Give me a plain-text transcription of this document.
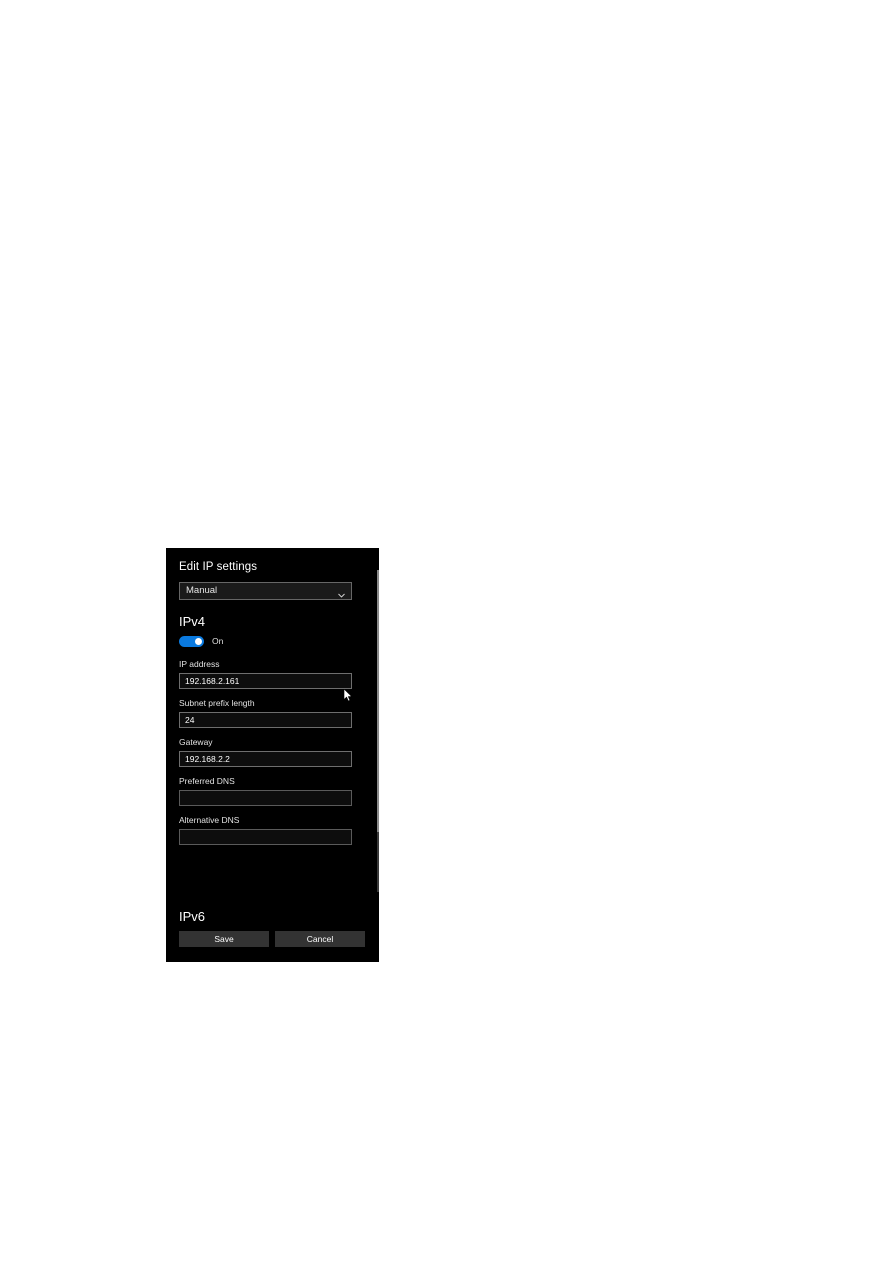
Edit IP settings
Manual
IPv4
On
IP address
192.168.2.161
Subnet prefix length
24
Gateway
192.168.2.2
Preferred DNS
Alternative DNS
IPv6
Save	Cancel
